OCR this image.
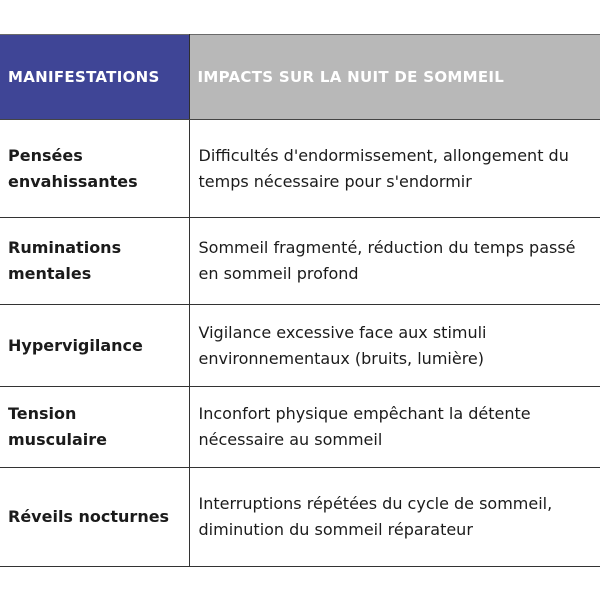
MANIFESTATIONS	IMPACTS SUR LA NUIT DE SOMMEIL
Pensées envahissantes	Difficultés d'endormissement, allongement du temps nécessaire pour s'endormir
Ruminations mentales	Sommeil fragmenté, réduction du temps passé en sommeil profond
Hypervigilance	Vigilance excessive face aux stimuli environnementaux (bruits, lumière)
Tension musculaire	Inconfort physique empêchant la détente nécessaire au sommeil
Réveils nocturnes	Interruptions répétées du cycle de sommeil, diminution du sommeil réparateur
